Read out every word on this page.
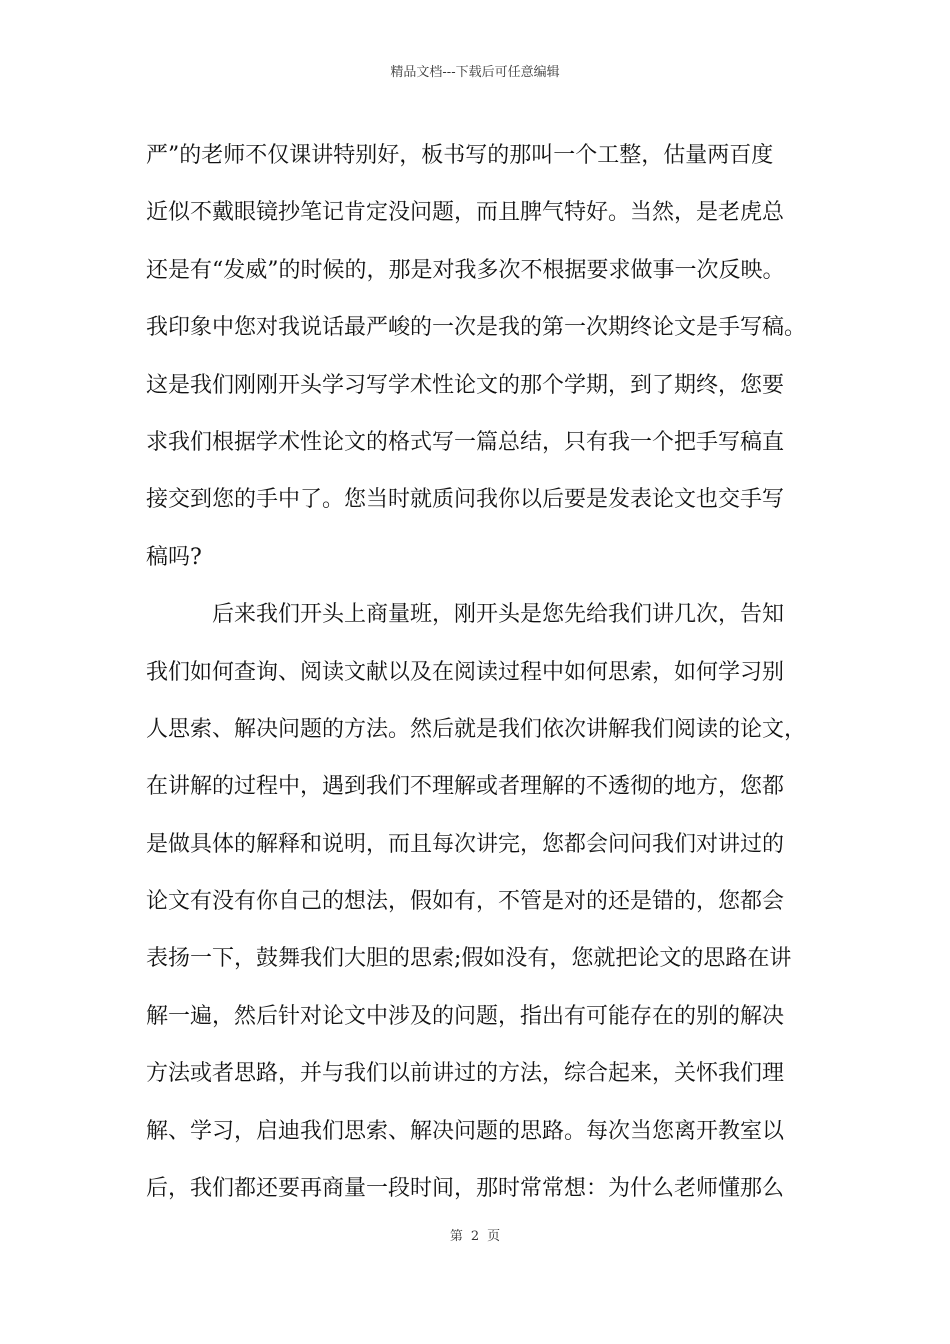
精品文档---下载后可任意编辑
严”的老师不仅课讲特别好，板书写的那叫一个工整，估量两百度
近似不戴眼镜抄笔记肯定没问题，而且脾气特好。当然，是老虎总
还是有“发威”的时候的，那是对我多次不根据要求做事一次反映。
我印象中您对我说话最严峻的一次是我的第一次期终论文是手写稿。
这是我们刚刚开头学习写学术性论文的那个学期，到了期终，您要
求我们根据学术性论文的格式写一篇总结，只有我一个把手写稿直
接交到您的手中了。您当时就质问我你以后要是发表论文也交手写
稿吗?
后来我们开头上商量班，刚开头是您先给我们讲几次，告知
我们如何查询、阅读文献以及在阅读过程中如何思索，如何学习别
人思索、解决问题的方法。然后就是我们依次讲解我们阅读的论文，
在讲解的过程中，遇到我们不理解或者理解的不透彻的地方，您都
是做具体的解释和说明，而且每次讲完，您都会问问我们对讲过的
论文有没有你自己的想法，假如有，不管是对的还是错的，您都会
表扬一下，鼓舞我们大胆的思索;假如没有，您就把论文的思路在讲
解一遍，然后针对论文中涉及的问题，指出有可能存在的别的解决
方法或者思路，并与我们以前讲过的方法，综合起来，关怀我们理
解、学习，启迪我们思索、解决问题的思路。每次当您离开教室以
后，我们都还要再商量一段时间，那时常常想：为什么老师懂那么
第 2 页
